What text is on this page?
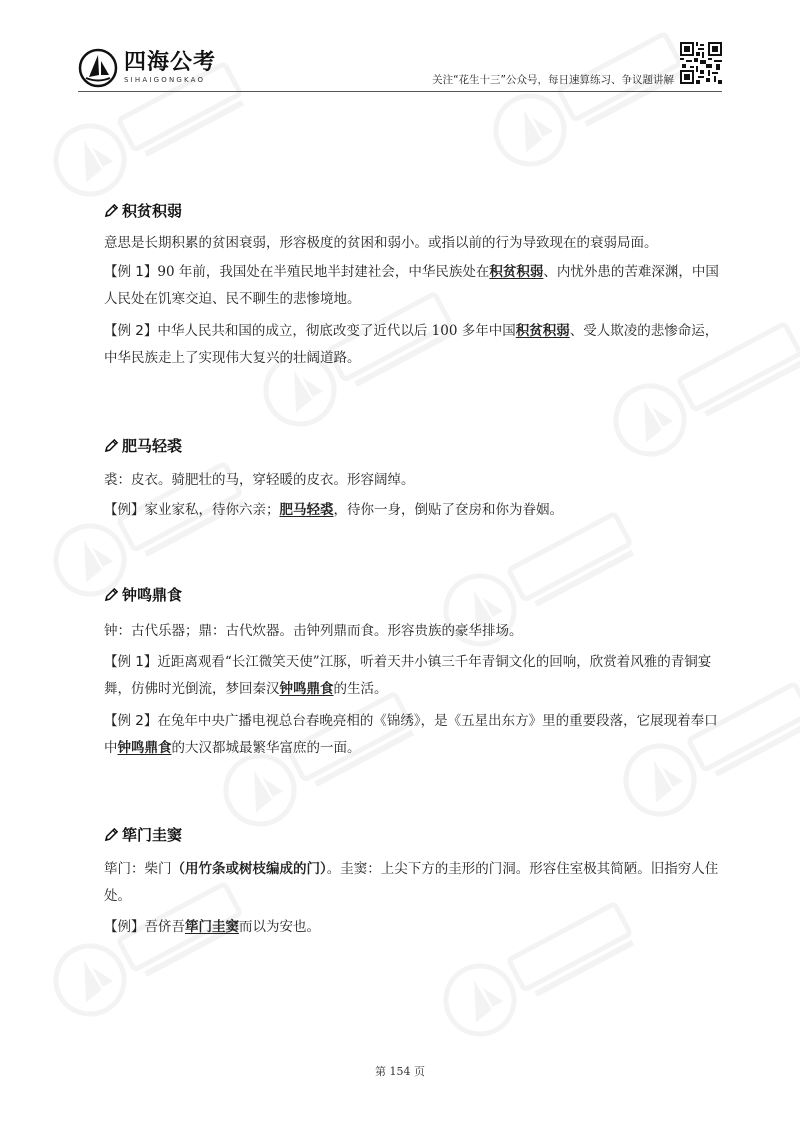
四海公考
SIHAIGONGKAO	关注“花生十三”公众号，每日速算练习、争议题讲解
积贫积弱
意思是长期积累的贫困衰弱，形容极度的贫困和弱小。或指以前的行为导致现在的衰弱局面。
【例 1】90 年前，我国处在半殖民地半封建社会，中华民族处在积贫积弱、内忧外患的苦难深渊，中国人民处在饥寒交迫、民不聊生的悲惨境地。
【例 2】中华人民共和国的成立，彻底改变了近代以后 100 多年中国积贫积弱、受人欺凌的悲惨命运，中华民族走上了实现伟大复兴的壮阔道路。
肥马轻裘
裘：皮衣。骑肥壮的马，穿轻暖的皮衣。形容阔绰。
【例】家业家私，待你六亲；肥马轻裘，待你一身，倒贴了奁房和你为眷姻。
钟鸣鼎食
钟：古代乐器；鼎：古代炊器。击钟列鼎而食。形容贵族的豪华排场。
【例 1】近距离观看“长江微笑天使”江豚，听着天井小镇三千年青铜文化的回响，欣赏着风雅的青铜宴舞，仿佛时光倒流，梦回秦汉钟鸣鼎食的生活。
【例 2】在兔年中央广播电视总台春晚亮相的《锦绣》，是《五星出东方》里的重要段落，它展现着奉口中钟鸣鼎食的大汉都城最繁华富庶的一面。
筚门圭窦
筚门：柴门（用竹条或树枝编成的门）。圭窦：上尖下方的圭形的门洞。形容住室极其简陋。旧指穷人住处。
【例】吾侪吾筚门圭窦而以为安也。
第 154 页
